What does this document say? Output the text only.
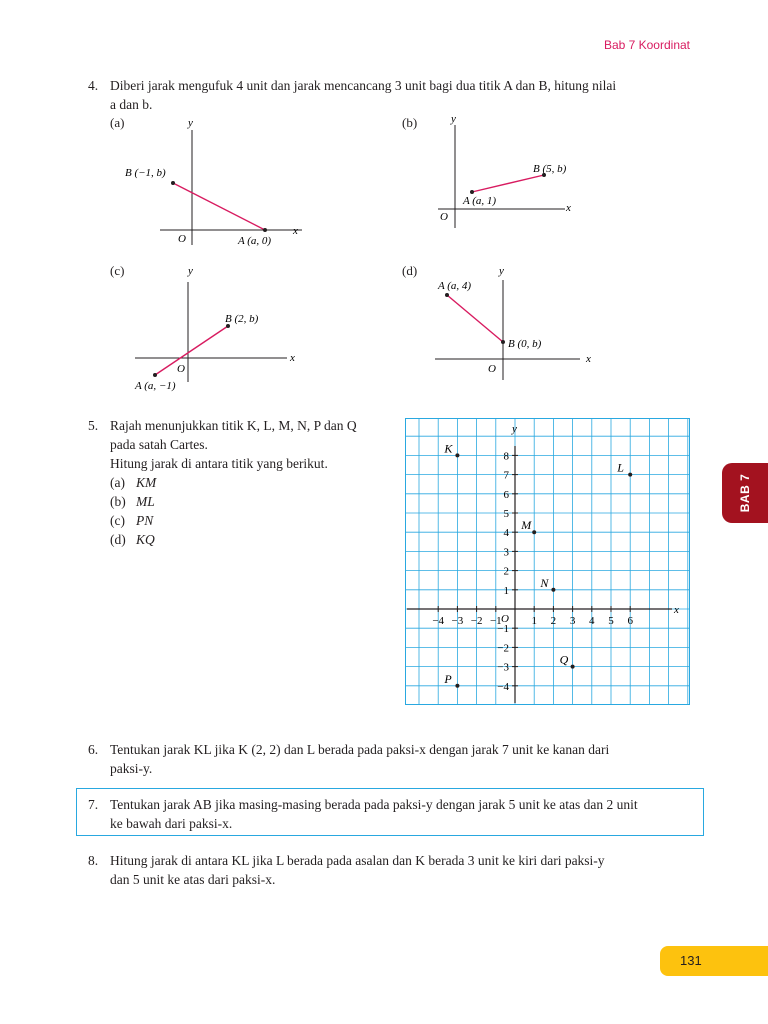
Bab 7 Koordinat
BAB 7
4. Diberi jarak mengufuk 4 unit dan jarak mencancang 3 unit bagi dua titik A dan B, hitung nilai
a dan b.
(a)	y
x
O
B (−1, b)
A (a, 0)
(b)	y
x
O
B (5, b)
A (a, 1)
(c)	y
x
O
B (2, b)
A (a, −1)
(d)	y
x
O
A (a, 4)
B (0, b)
5. Rajah menunjukkan titik K, L, M, N, P dan Q
pada satah Cartes.
Hitung jarak di antara titik yang berikut.
(a) KM
(b) ML
(c) PN
(d) KQ
x
y
O
−4 −3 −2 −1	1 2 3 4 5 6
8
7
6
5
4
3
2
1
−1
−2
−3
−4
K
L
M
N
P
Q
6. Tentukan jarak KL jika K (2, 2) dan L berada pada paksi-x dengan jarak 7 unit ke kanan dari
paksi-y.
7. Tentukan jarak AB jika masing-masing berada pada paksi-y dengan jarak 5 unit ke atas dan 2 unit
ke bawah dari paksi-x.
8. Hitung jarak di antara KL jika L berada pada asalan dan K berada 3 unit ke kiri dari paksi-y
dan 5 unit ke atas dari paksi-x.
131
